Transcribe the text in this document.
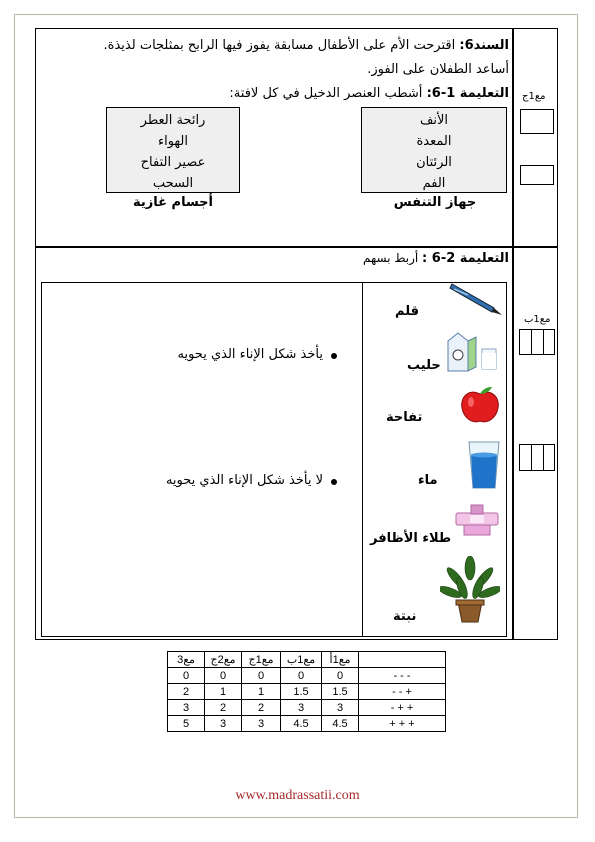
السند6: اقترحت الأم على الأطفال مسابقة يفوز فيها الرابح بمثلجات لذيذة.
أساعد الطفلان على الفوز.
التعليمة 1-6: أشطب العنصر الدخيل في كل لافتة:
الأنف
المعدة
الرئتان
الفم
جهاز التنفس
رائحة العطر
الهواء
عصير التفاح
السحب
أجسام غازية
مع1ج
التعليمة 2-6 : أربط بسهم
مع1ب
قلم
حليب
تفاحة
ماء
طلاء الأظافر
نبتة
يأخذ شكل الإناء الذي يحويه
لا يأخذ شكل الإناء الذي يحويه
مع3	مع2ج	مع1ج	مع1ب	مع1أ	
0	0	0	0	0	- - -
2	1	1	1.5	1.5	- - +
3	2	2	3	3	- + +
5	3	3	4.5	4.5	+ + +
www.madrassatii.com
